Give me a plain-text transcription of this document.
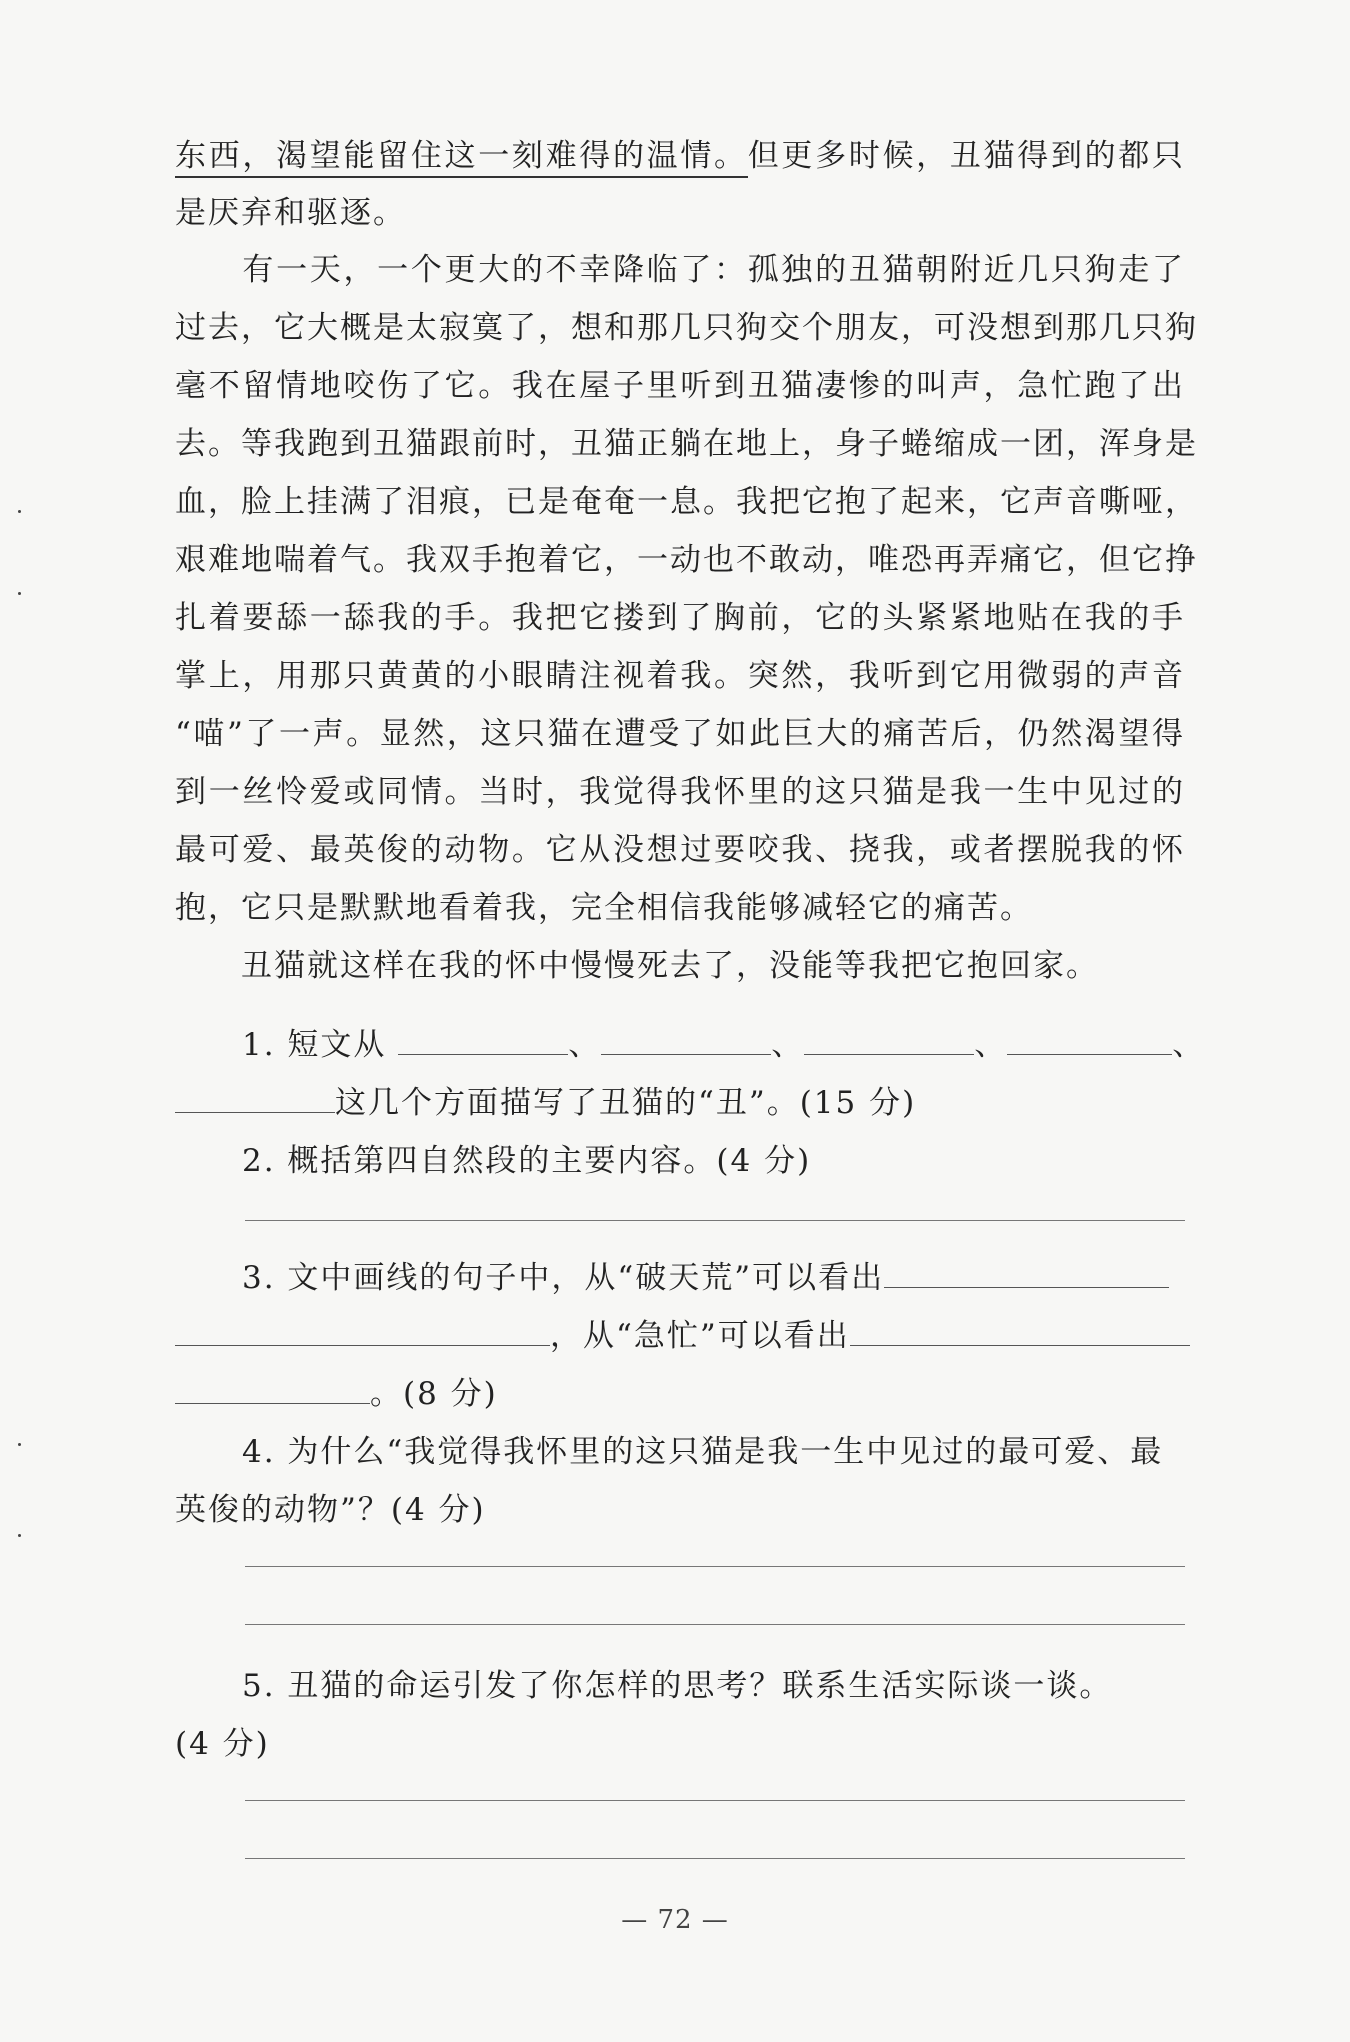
东西，渴望能留住这一刻难得的温情。但更多时候，丑猫得到的都只
是厌弃和驱逐。
　　有一天，一个更大的不幸降临了：孤独的丑猫朝附近几只狗走了
过去，它大概是太寂寞了，想和那几只狗交个朋友，可没想到那几只狗
毫不留情地咬伤了它。我在屋子里听到丑猫凄惨的叫声，急忙跑了出
去。等我跑到丑猫跟前时，丑猫正躺在地上，身子蜷缩成一团，浑身是
血，脸上挂满了泪痕，已是奄奄一息。我把它抱了起来，它声音嘶哑，
艰难地喘着气。我双手抱着它，一动也不敢动，唯恐再弄痛它，但它挣
扎着要舔一舔我的手。我把它搂到了胸前，它的头紧紧地贴在我的手
掌上，用那只黄黄的小眼睛注视着我。突然，我听到它用微弱的声音
“喵”了一声。显然，这只猫在遭受了如此巨大的痛苦后，仍然渴望得
到一丝怜爱或同情。当时，我觉得我怀里的这只猫是我一生中见过的
最可爱、最英俊的动物。它从没想过要咬我、挠我，或者摆脱我的怀
抱，它只是默默地看着我，完全相信我能够减轻它的痛苦。
　　丑猫就这样在我的怀中慢慢死去了，没能等我把它抱回家。
1. 短文从	、	、	、	、
这几个方面描写了丑猫的“丑”。(15 分)
2. 概括第四自然段的主要内容。(4 分)
3. 文中画线的句子中，从“破天荒”可以看出
，从“急忙”可以看出
。(8 分)
4. 为什么“我觉得我怀里的这只猫是我一生中见过的最可爱、最
英俊的动物”？(4 分)
5. 丑猫的命运引发了你怎样的思考？联系生活实际谈一谈。
(4 分)
— 72 —
